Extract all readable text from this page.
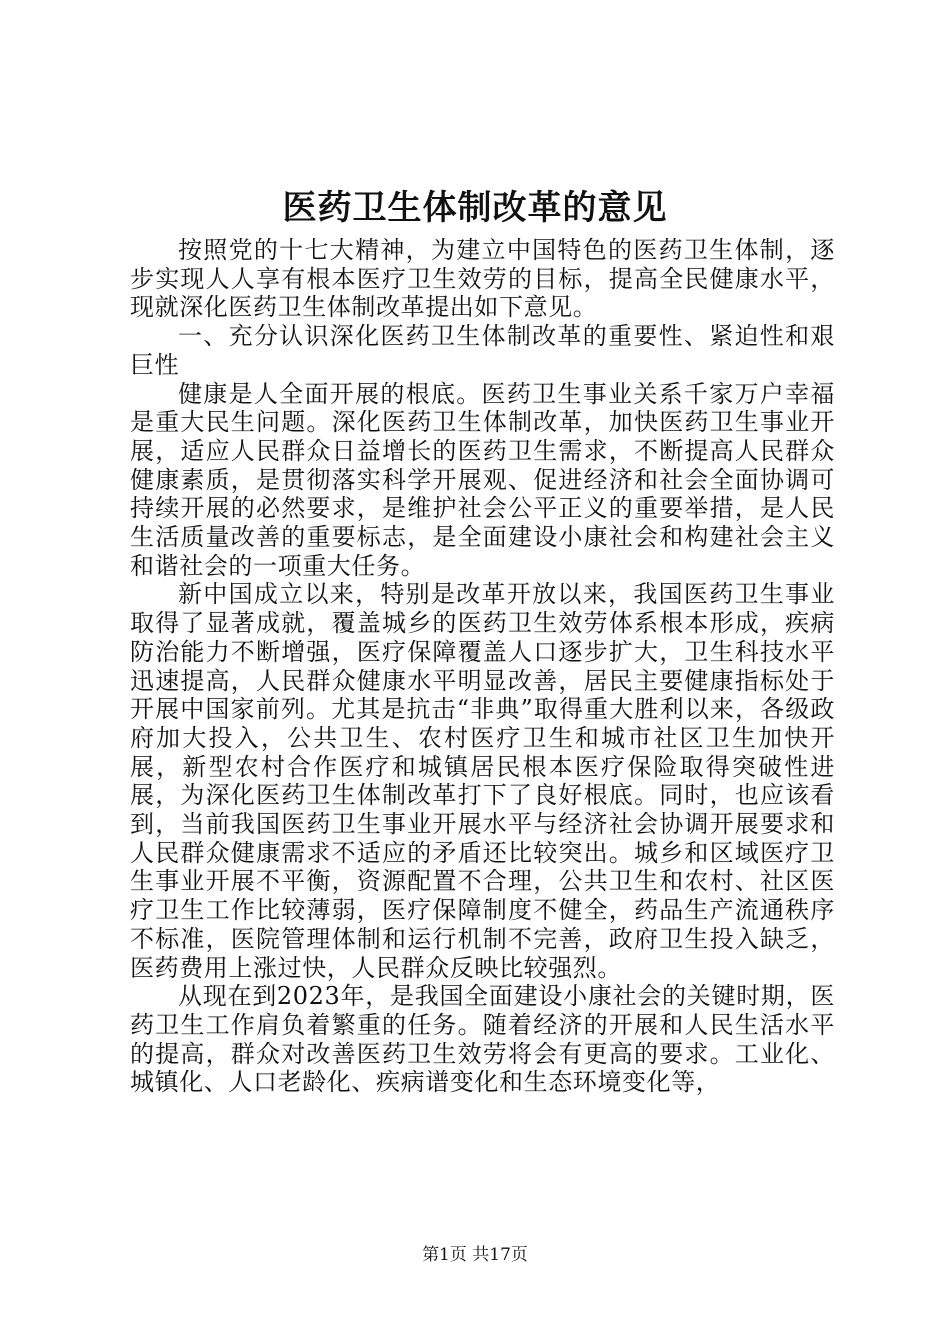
医药卫生体制改革的意见

按照党的十七大精神，为建立中国特色的医药卫生体制，逐步实现人人享有根本医疗卫生效劳的目标，提高全民健康水平，现就深化医药卫生体制改革提出如下意见。

一、充分认识深化医药卫生体制改革的重要性、紧迫性和艰巨性

健康是人全面开展的根底。医药卫生事业关系千家万户幸福是重大民生问题。深化医药卫生体制改革，加快医药卫生事业开展，适应人民群众日益增长的医药卫生需求，不断提高人民群众健康素质，是贯彻落实科学开展观、促进经济和社会全面协调可持续开展的必然要求，是维护社会公平正义的重要举措，是人民生活质量改善的重要标志，是全面建设小康社会和构建社会主义和谐社会的一项重大任务。

新中国成立以来，特别是改革开放以来，我国医药卫生事业取得了显著成就，覆盖城乡的医药卫生效劳体系根本形成，疾病防治能力不断增强，医疗保障覆盖人口逐步扩大，卫生科技水平迅速提高，人民群众健康水平明显改善，居民主要健康指标处于开展中国家前列。尤其是抗击“非典”取得重大胜利以来，各级政府加大投入，公共卫生、农村医疗卫生和城市社区卫生加快开展，新型农村合作医疗和城镇居民根本医疗保险取得突破性进展，为深化医药卫生体制改革打下了良好根底。同时，也应该看到，当前我国医药卫生事业开展水平与经济社会协调开展要求和人民群众健康需求不适应的矛盾还比较突出。城乡和区域医疗卫生事业开展不平衡，资源配置不合理，公共卫生和农村、社区医疗卫生工作比较薄弱，医疗保障制度不健全，药品生产流通秩序不标准，医院管理体制和运行机制不完善，政府卫生投入缺乏，医药费用上涨过快，人民群众反映比较强烈。

从现在到2023年，是我国全面建设小康社会的关键时期，医药卫生工作肩负着繁重的任务。随着经济的开展和人民生活水平的提高，群众对改善医药卫生效劳将会有更高的要求。工业化、城镇化、人口老龄化、疾病谱变化和生态环境变化等，

第1页 共17页
